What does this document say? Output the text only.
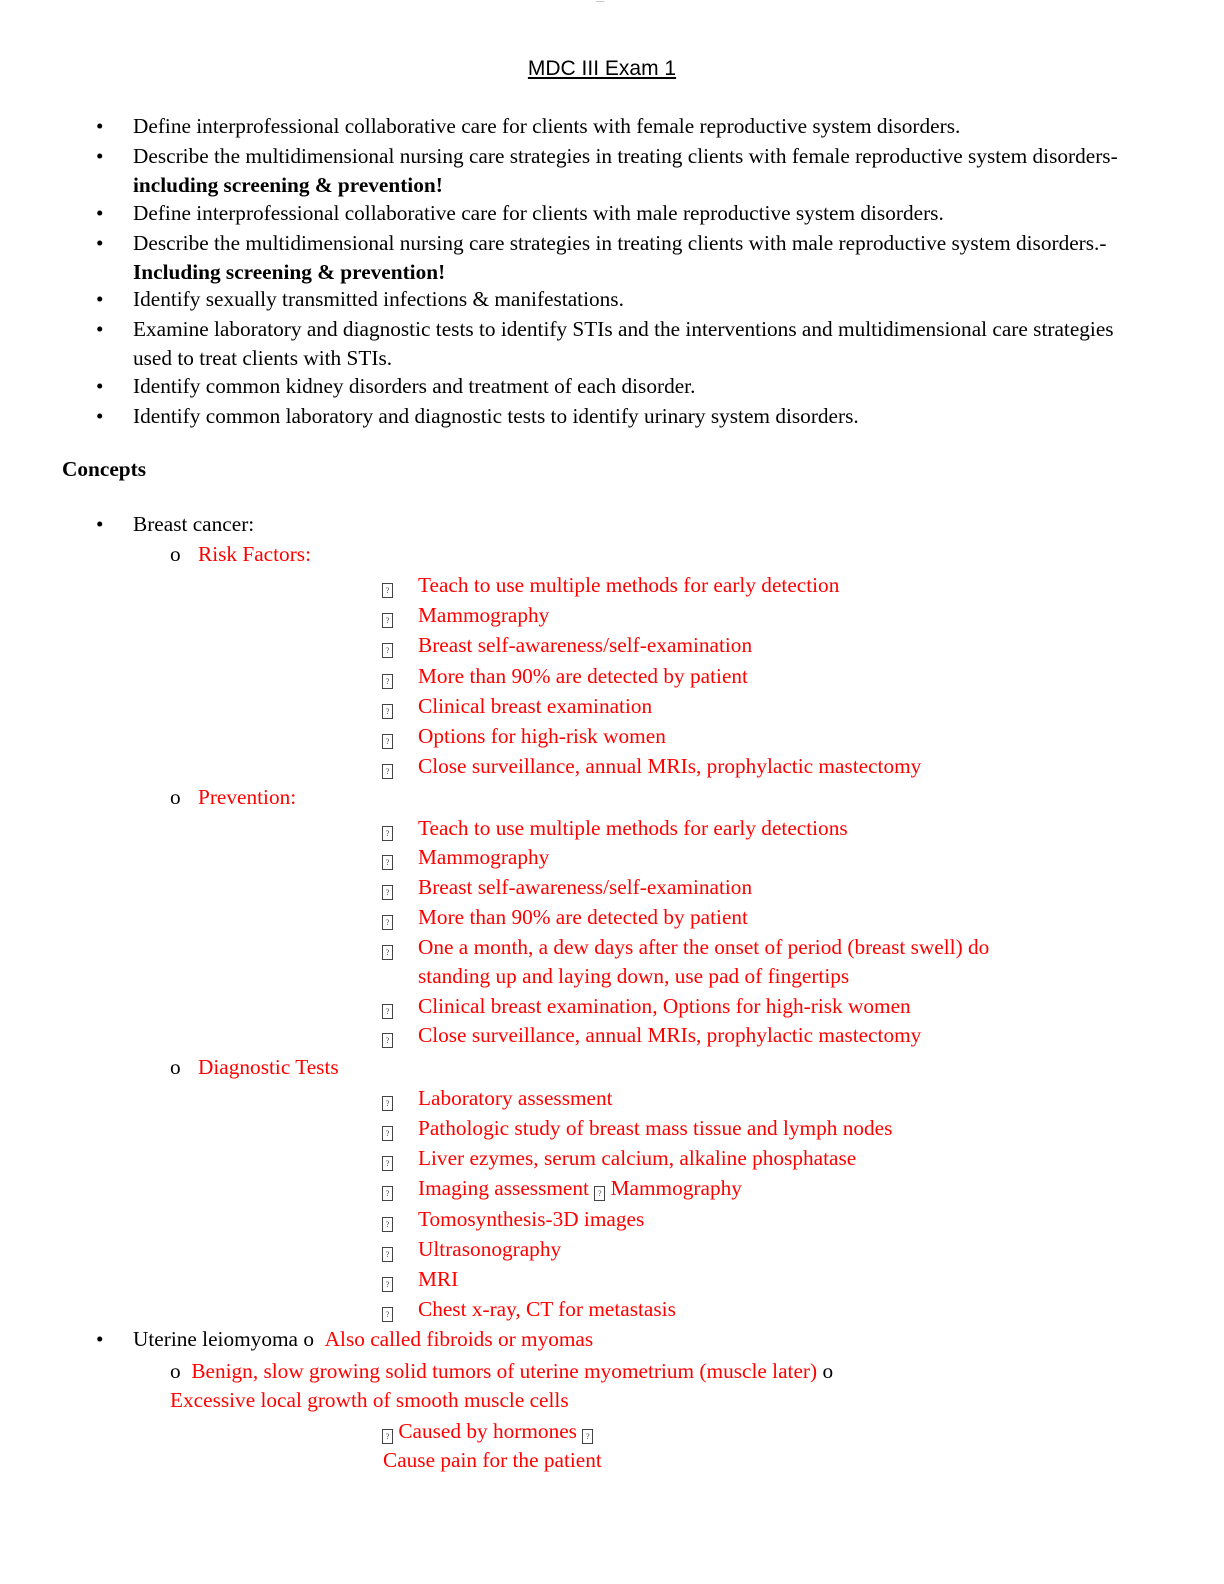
-----
MDC III Exam 1
• Define interprofessional collaborative care for clients with female reproductive system disorders.
• Describe the multidimensional nursing care strategies in treating clients with female reproductive system disorders-including screening & prevention!
• Define interprofessional collaborative care for clients with male reproductive system disorders.
• Describe the multidimensional nursing care strategies in treating clients with male reproductive system disorders.-Including screening & prevention!
• Identify sexually transmitted infections & manifestations.
• Examine laboratory and diagnostic tests to identify STIs and the interventions and multidimensional care strategies used to treat clients with STIs.
• Identify common kidney disorders and treatment of each disorder.
• Identify common laboratory and diagnostic tests to identify urinary system disorders.
Concepts
• Breast cancer:
o Risk Factors:
? Teach to use multiple methods for early detection
? Mammography
? Breast self-awareness/self-examination
? More than 90% are detected by patient
? Clinical breast examination
? Options for high-risk women
? Close surveillance, annual MRIs, prophylactic mastectomy
o Prevention:
? Teach to use multiple methods for early detections
? Mammography
? Breast self-awareness/self-examination
? More than 90% are detected by patient
? One a month, a dew days after the onset of period (breast swell) do
standing up and laying down, use pad of fingertips
? Clinical breast examination, Options for high-risk women
? Close surveillance, annual MRIs, prophylactic mastectomy
o Diagnostic Tests
? Laboratory assessment
? Pathologic study of breast mass tissue and lymph nodes
? Liver ezymes, serum calcium, alkaline phosphatase
? Imaging assessment ? Mammography
? Tomosynthesis-3D images
? Ultrasonography
? MRI
? Chest x-ray, CT for metastasis
• Uterine leiomyoma o Also called fibroids or myomas
o Benign, slow growing solid tumors of uterine myometrium (muscle later) o
Excessive local growth of smooth muscle cells
? Caused by hormones ?
Cause pain for the patient
